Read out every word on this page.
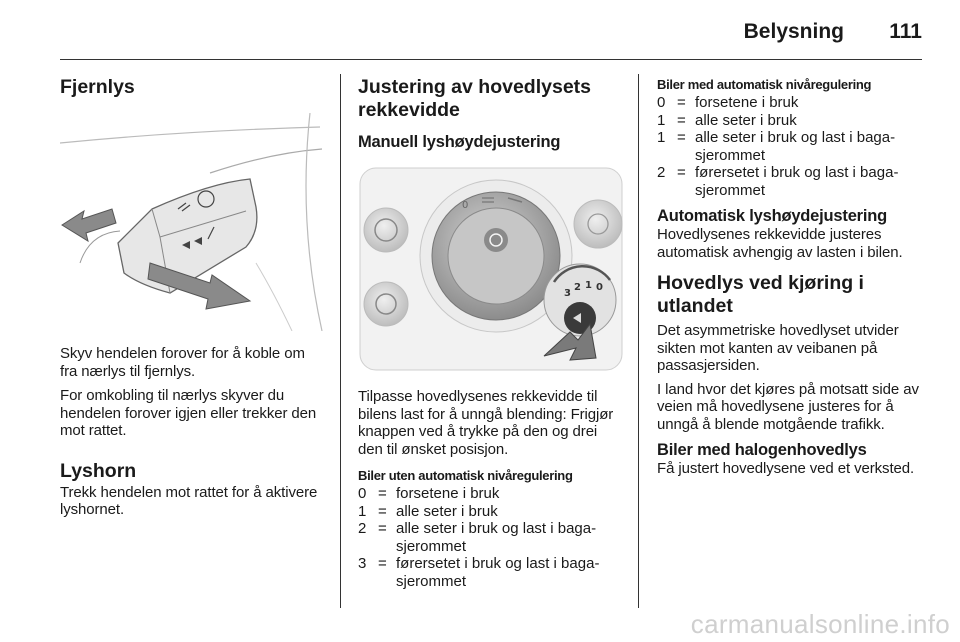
Belysning 111
Fjernlys

Skyv hendelen forover for å koble om fra nærlys til fjernlys.

For omkobling til nærlys skyver du hendelen forover igjen eller trekker den mot rattet.

Lyshorn

Trekk hendelen mot rattet for å aktivere lyshornet.

Justering av hovedlysets rekkevidde
Manuell lyshøydejustering
0
3
2 1 0

Tilpasse hovedlysenes rekkevidde til bilens last for å unngå blending: Frigjør knappen ved å trykke på den og drei den til ønsket posisjon.

Biler uten automatisk nivåregulering
0	=	forsetene i bruk
1	=	alle seter i bruk
2	=	alle seter i bruk og last i bagasjerommet
3	=	førersetet i bruk og last i bagasjerommet
Biler med automatisk nivåregulering
0	=	forsetene i bruk
1	=	alle seter i bruk
1	=	alle seter i bruk og last i bagasjerommet
2	=	førersetet i bruk og last i bagasjerommet
Automatisk lyshøydejustering

Hovedlysenes rekkevidde justeres automatisk avhengig av lasten i bilen.

Hovedlys ved kjøring i utlandet

Det asymmetriske hovedlyset utvider sikten mot kanten av veibanen på passasjersiden.

I land hvor det kjøres på motsatt side av veien må hovedlysene justeres for å unngå å blende motgående trafikk.

Biler med halogenhovedlys

Få justert hovedlysene ved et verksted.

carmanualsonline.info
